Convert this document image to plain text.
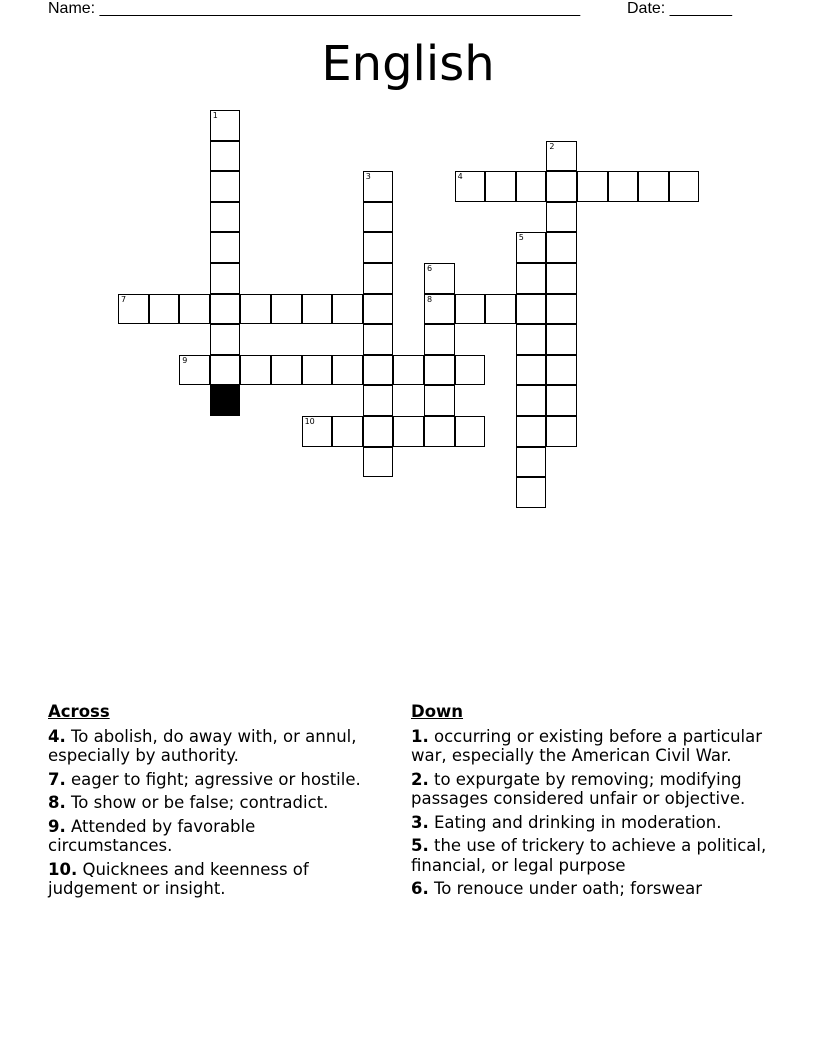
Name: ______________________________________________________	Date: _______
English
1
2
3	4
5
6
8
7
9
10
Across
4. To abolish, do away with, or annul, especially by authority.
7. eager to fight; agressive or hostile.
8. To show or be false; contradict.
9. Attended by favorable circumstances.
10. Quicknees and keenness of judgement or insight.
Down
1. occurring or existing before a particular war, especially the American Civil War.
2. to expurgate by removing; modifying passages considered unfair or objective.
3. Eating and drinking in moderation.
5. the use of trickery to achieve a political, financial, or legal purpose
6. To renouce under oath; forswear
